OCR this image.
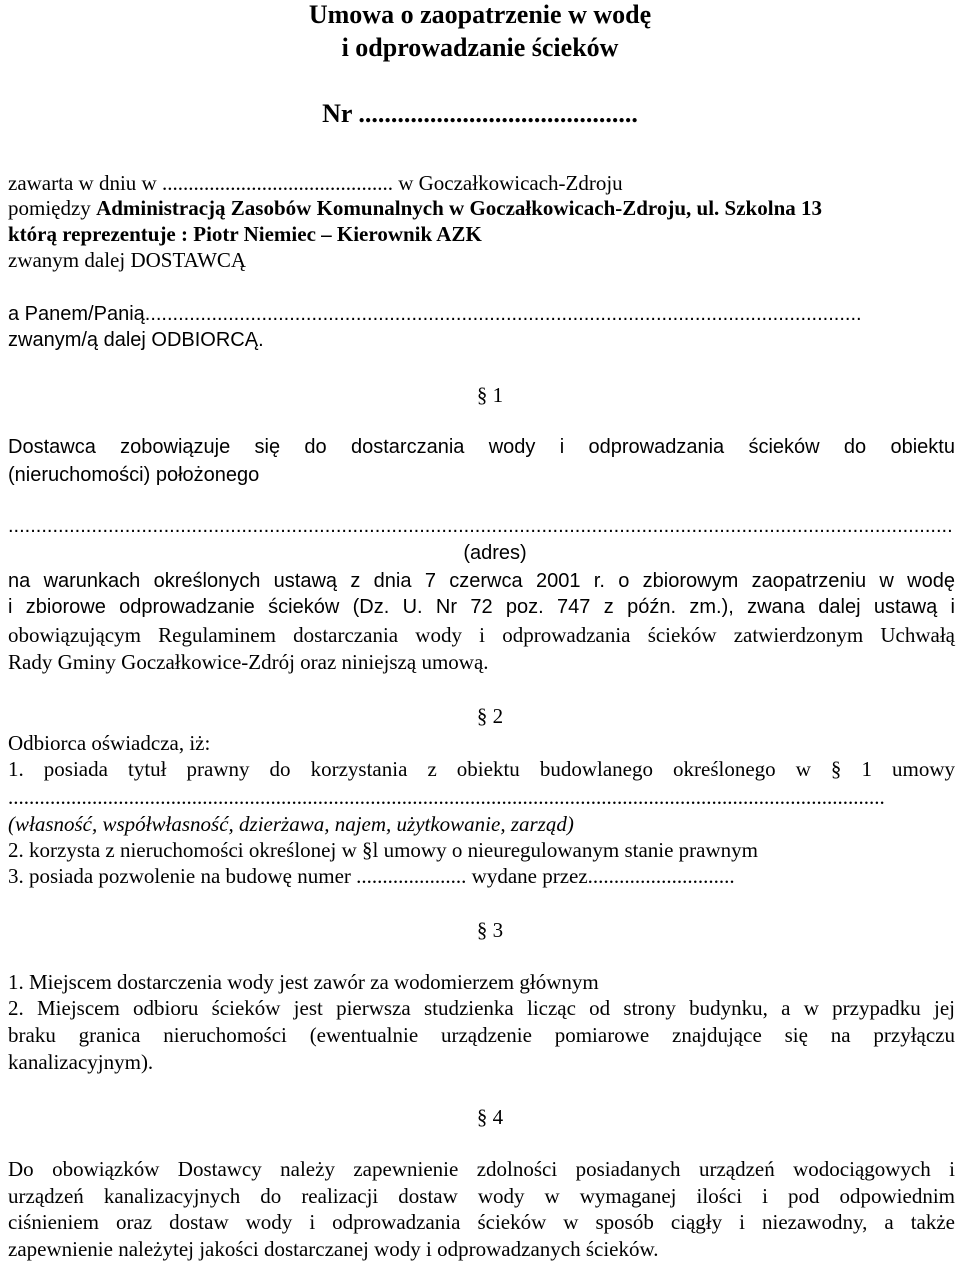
Umowa o zaopatrzenie w wodę
i odprowadzanie ścieków
Nr ...........................................
zawarta w dniu w ............................................ w Goczałkowicach-Zdroju
pomiędzy Administracją Zasobów Komunalnych w Goczałkowicach-Zdroju, ul. Szkolna 13
którą reprezentuje : Piotr Niemiec – Kierownik AZK
zwanym dalej DOSTAWCĄ
a Panem/Panią.................................................................................................................................
zwanym/ą dalej ODBIORCĄ.
§ 1
Dostawca zobowiązuje się do dostarczania wody i odprowadzania ścieków do obiektu
(nieruchomości) położonego
..........................................................................................................................................................................
(adres)
na warunkach określonych ustawą z dnia 7 czerwca 2001 r. o zbiorowym zaopatrzeniu w wodę
i zbiorowe odprowadzanie ścieków (Dz. U. Nr 72 poz. 747 z późn. zm.), zwana dalej ustawą i
obowiązującym Regulaminem dostarczania wody i odprowadzania ścieków zatwierdzonym Uchwałą
Rady Gminy Goczałkowice-Zdrój oraz niniejszą umową.
§ 2
Odbiorca oświadcza, iż:
1. posiada tytuł prawny do korzystania z obiektu budowlanego określonego w § 1 umowy
.......................................................................................................................................................................
(własność, współwłasność, dzierżawa, najem, użytkowanie, zarząd)
2. korzysta z nieruchomości określonej w §l umowy o nieuregulowanym stanie prawnym
3. posiada pozwolenie na budowę numer ..................... wydane przez............................
§ 3
1. Miejscem dostarczenia wody jest zawór za wodomierzem głównym
2. Miejscem odbioru ścieków jest pierwsza studzienka licząc od strony budynku, a w przypadku jej
braku granica nieruchomości (ewentualnie urządzenie pomiarowe znajdujące się na przyłączu
kanalizacyjnym).
§ 4
Do obowiązków Dostawcy należy zapewnienie zdolności posiadanych urządzeń wodociągowych i
urządzeń kanalizacyjnych do realizacji dostaw wody w wymaganej ilości i pod odpowiednim
ciśnieniem oraz dostaw wody i odprowadzania ścieków w sposób ciągły i niezawodny, a także
zapewnienie należytej jakości dostarczanej wody i odprowadzanych ścieków.
